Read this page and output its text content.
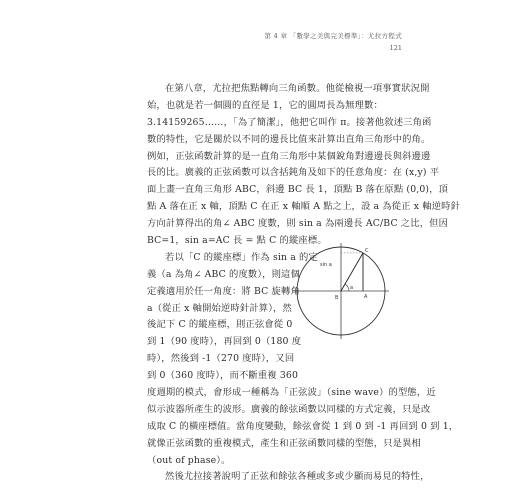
第 4 章 「數學之美與完美標準」：尤拉方程式
121
在第八章，尤拉把焦點轉向三角函數。他從檢視一項事實狀況開
始，也就是若一個圓的直徑是 1，它的圓周長為無理數：
3.14159265……，「為了簡潔」，他把它叫作 π。接著他敘述三角函
數的特性，它是關於以不同的邊長比值來計算出直角三角形中的角。
例如，正弦函數計算的是一直角三角形中某個銳角對邊邊長與斜邊邊
長的比。廣義的正弦函數可以含括鈍角及如下的任意角度：在 (x,y) 平
面上畫一直角三角形 ABC，斜邊 BC 長 1，頂點 B 落在原點 (0,0)，頂
點 A 落在正 x 軸，頂點 C 在正 x 軸順 A 點之上，設 a 為從正 x 軸逆時針
方向計算得出的角∠ ABC 度數，則 sin a 為兩邊長 AC/BC 之比，但因
BC=1，sin a=AC 長 = 點 C 的縱座標。
若以「C 的縱座標」作為 sin a 的定
義（a 為角∠ ABC 的度數），則這個
定義適用於任一角度：將 BC 旋轉角
a（從正 x 軸開始逆時針計算），然
後記下 C 的縱座標，則正弦會從 0
到 1（90 度時），再回到 0（180 度
時），然後到 -1（270 度時），又回
到 0（360 度時），而不斷重複 360
度週期的模式，會形成一種稱為「正弦波」（sine wave）的型態，近
似示波器所產生的波形。廣義的餘弦函數以同樣的方式定義，只是改
成取 C 的橫座標值。當角度變動，餘弦會從 1 到 0 到 -1 再回到 0 到 1，
就像正弦函數的重複模式，產生和正弦函數同樣的型態，只是異相
（out of phase）。
然後尤拉接著說明了正弦和餘弦各種或多或少顯而易見的特性，
sin a
C
B	A
a
